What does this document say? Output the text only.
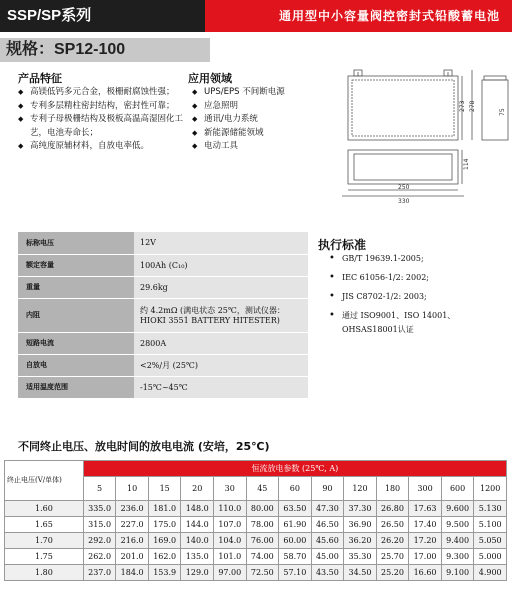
SSP/SP系列	通用型中小容量阀控密封式铅酸蓄电池
规格：SP12-100
产品特征
◆ 高镁低钙多元合金，极栅耐腐蚀性强；
◆ 专利多层精柱密封结构，密封性可靠；
◆ 专利子母极栅结构及极板高温高湿固化工艺，电池寿命长；
◆ 高纯度原辅材料，自放电率低。
应用领域
◆ UPS/EPS 不间断电源
◆ 应急照明
◆ 通讯/电力系统
◆ 新能源储能领域
◆ 电动工具
273 278
75
114
250
330
标称电压	12V
额定容量	100Ah (C₁₀)
重量	29.6kg
内阻	约 4.2mΩ (满电状态 25℃，测试仪器：HIOKI 3551 BATTERY HITESTER)
短路电流	2800A
自放电	<2%/月 (25℃)
适用温度范围	-15℃~45℃
执行标准
• GB/T 19639.1-2005;
• IEC 61056-1/2: 2002;
• JIS C8702-1/2: 2003;
• 通过 ISO9001、ISO 14001、OHSAS18001认证
不同终止电压、放电时间的放电电流 (安培，25℃)
终止电压(V/单体)	恒流放电参数 (25℃, A)												
	5	10	15	20	30	45	60	90	120	180	300	600	1200
1.60	335.0	236.0	181.0	148.0	110.0	80.00	63.50	47.30	37.30	26.80	17.63	9.600	5.130
1.65	315.0	227.0	175.0	144.0	107.0	78.00	61.90	46.50	36.90	26.50	17.40	9.500	5.100
1.70	292.0	216.0	169.0	140.0	104.0	76.00	60.00	45.60	36.20	26.20	17.20	9.400	5.050
1.75	262.0	201.0	162.0	135.0	101.0	74.00	58.70	45.00	35.30	25.70	17.00	9.300	5.000
1.80	237.0	184.0	153.9	129.0	97.00	72.50	57.10	43.50	34.50	25.20	16.60	9.100	4.900
